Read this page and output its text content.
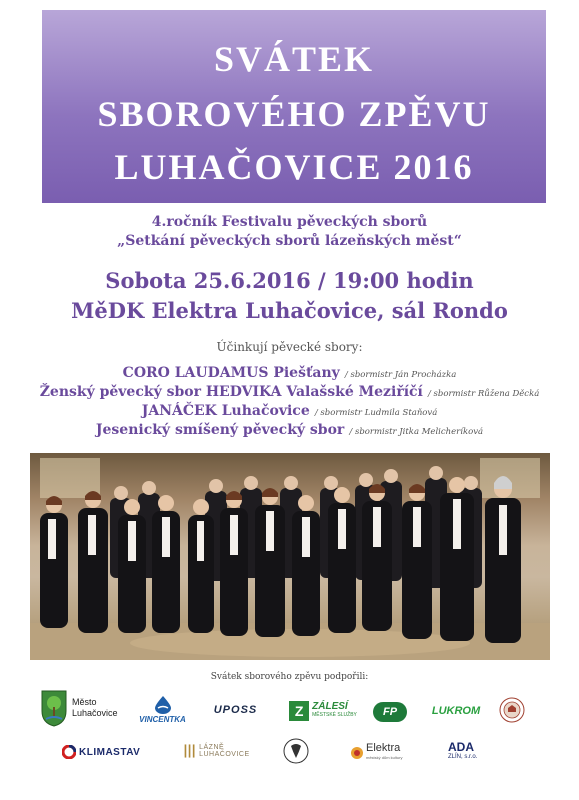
SVÁTEK
SBOROVÉHO ZPĚVU
LUHAČOVICE 2016
4.ročník Festivalu pěveckých sborů
„Setkání pěveckých sborů lázeňských měst“
Sobota 25.6.2016 / 19:00 hodin
MěDK Elektra Luhačovice, sál Rondo
Účinkují pěvecké sbory:
CORO LAUDAMUS Piešťany / sbormistr Ján Procházka
Ženský pěvecký sbor HEDVIKA Valašské Meziříčí / sbormistr Růžena Děcká
JANÁČEK Luhačovice / sbormistr Ludmila Staňová
Jesenický smíšený pěvecký sbor / sbormistr Jitka Melicheríková
Svátek sborového zpěvu podpořili:
Město
Luhačovice
VINCENTKA
UPOSS	Z ZÁLESÍ
MĚSTSKÉ SLUŽBY	FP	LUKROM
KLIMASTAV	LÁZNĚ LUHAČOVICE
Elektra
městský dům kultury
ADA
ZLÍN, s.r.o.
